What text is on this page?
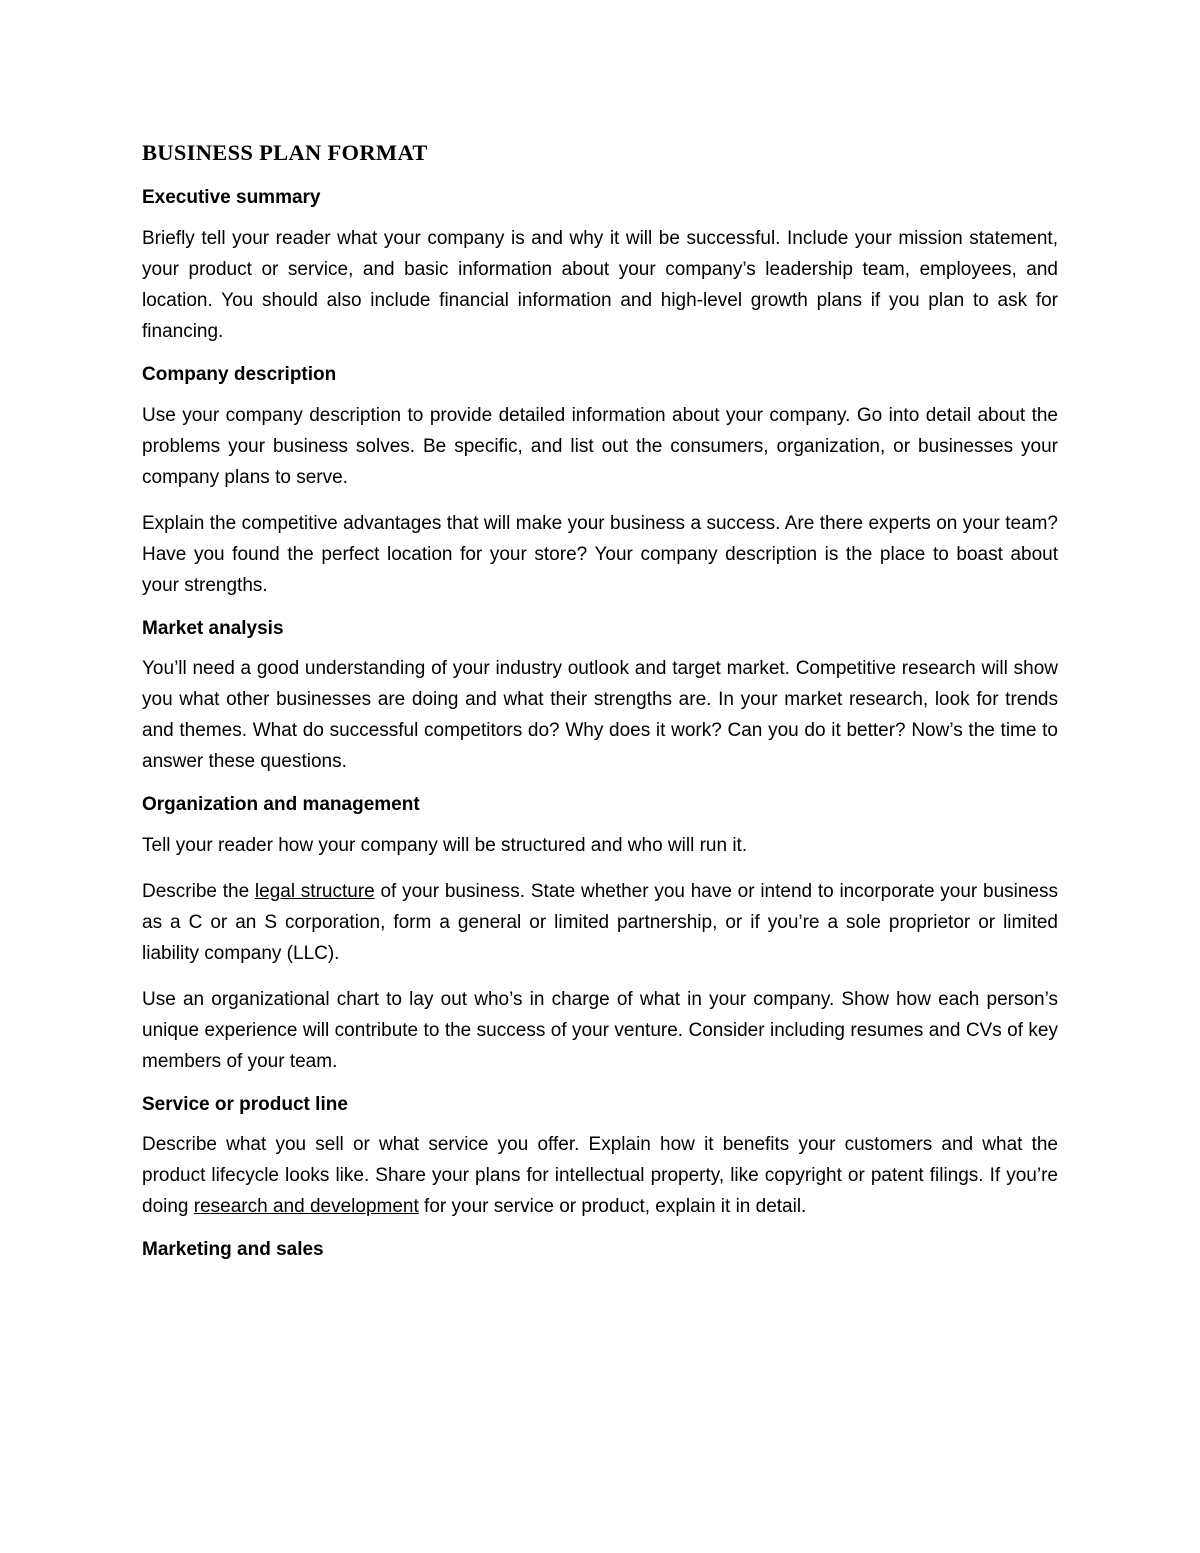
BUSINESS PLAN FORMAT
Executive summary

Briefly tell your reader what your company is and why it will be successful. Include your mission statement, your product or service, and basic information about your company’s leadership team, employees, and location. You should also include financial information and high-level growth plans if you plan to ask for financing.

Company description

Use your company description to provide detailed information about your company. Go into detail about the problems your business solves. Be specific, and list out the consumers, organization, or businesses your company plans to serve.

Explain the competitive advantages that will make your business a success. Are there experts on your team? Have you found the perfect location for your store? Your company description is the place to boast about your strengths.

Market analysis

You’ll need a good understanding of your industry outlook and target market. Competitive research will show you what other businesses are doing and what their strengths are. In your market research, look for trends and themes. What do successful competitors do? Why does it work? Can you do it better? Now’s the time to answer these questions.

Organization and management

Tell your reader how your company will be structured and who will run it.

Describe the legal structure of your business. State whether you have or intend to incorporate your business as a C or an S corporation, form a general or limited partnership, or if you’re a sole proprietor or limited liability company (LLC).

Use an organizational chart to lay out who’s in charge of what in your company. Show how each person’s unique experience will contribute to the success of your venture. Consider including resumes and CVs of key members of your team.

Service or product line

Describe what you sell or what service you offer. Explain how it benefits your customers and what the product lifecycle looks like. Share your plans for intellectual property, like copyright or patent filings. If you’re doing research and development for your service or product, explain it in detail.

Marketing and sales
